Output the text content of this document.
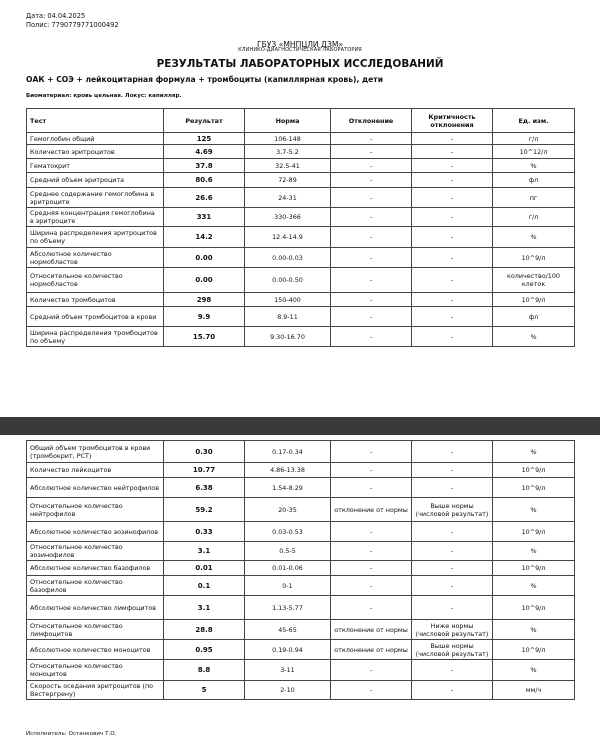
Дата: 04.04.2025
Полис: 7790779771000492
ГБУЗ «МНПЦЛИ ДЗМ»
КЛИНИКО-ДИАГНОСТИЧЕСКАЯ ЛАБОРАТОРИЯ
РЕЗУЛЬТАТЫ ЛАБОРАТОРНЫХ ИССЛЕДОВАНИЙ
ОАК + СОЭ + лейкоцитарная формула + тромбоциты (капиллярная кровь), дети
Биоматериал: кровь цельная. Локус: капилляр.
Тест	Результат	Норма	Отклонение	Критичность отклонения	Ед. изм.
Гемоглобин общий	125	106-148	-	-	г/л
Количество эритроцитов	4.69	3.7-5.2	-	-	10^12/л
Гематокрит	37.8	32.5-41	-	-	%
Средний объем эритроцита	80.6	72-89	-	-	фл
Среднее содержание гемоглобина в эритроците	26.6	24-31	-	-	пг
Средняя концентрация гемоглобина в эритроците	331	330-366	-	-	г/л
Ширина распределения эритроцитов по объему	14.2	12.4-14.9	-	-	%
Абсолютное количество нормобластов	0.00	0.00-0.03	-	-	10^9/л
Относительное количество нормобластов	0.00	0.00-0.50	-	-	количество/100 клеток
Количество тромбоцитов	298	150-400	-	-	10^9/л
Средний объем тромбоцитов в крови	9.9	8.9-11	-	-	фл
Ширина распределения тромбоцитов по объему	15.70	9.30-16.70	-	-	%
Общий объем тромбоцитов в крови (тромбокрит, PCT)	0.30	0.17-0.34	-	-	%
Количество лейкоцитов	10.77	4.86-13.38	-	-	10^9/л
Абсолютное количество нейтрофилов	6.38	1.54-8.29	-	-	10^9/л
Относительное количество нейтрофилов	59.2	20-35	отклонение от нормы	Выше нормы (числовой результат)	%
Абсолютное количество эозинофилов	0.33	0.03-0.53	-	-	10^9/л
Относительное количество эозинофилов	3.1	0.5-5	-	-	%
Абсолютное количество базофилов	0.01	0.01-0.06	-	-	10^9/л
Относительное количество базофилов	0.1	0-1	-	-	%
Абсолютное количество лимфоцитов	3.1	1.13-5.77	-	-	10^9/л
Относительное количество лимфоцитов	28.8	45-65	отклонение от нормы	Ниже нормы (числовой результат)	%
Абсолютное количество моноцитов	0.95	0.19-0.94	отклонение от нормы	Выше нормы (числовой результат)	10^9/л
Относительное количество моноцитов	8.8	3-11	-	-	%
Скорость оседания эритроцитов (по Вестергрену)	5	2-10	-	-	мм/ч
Исполнитель: Останкович Т.О.
